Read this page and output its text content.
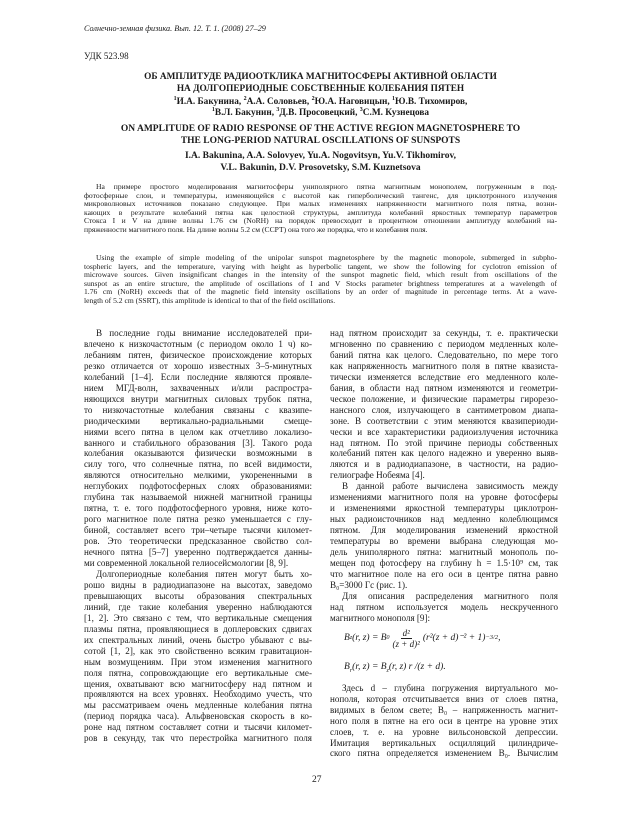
Солнечно-земная физика. Вып. 12. Т. 1. (2008) 27–29
УДК 523.98
ОБ АМПЛИТУДЕ РАДИООТКЛИКА МАГНИТОСФЕРЫ АКТИВНОЙ ОБЛАСТИ
НА ДОЛГОПЕРИОДНЫЕ СОБСТВЕННЫЕ КОЛЕБАНИЯ ПЯТЕН
$^1$И.А. Бакунина, $^2$А.А. Соловьев, $^2$Ю.А. Наговицын, $^1$Ю.В. Тихомиров,
$^1$В.Л. Бакунин, $^3$Д.В. Просовецкий, $^3$С.М. Кузнецова
ON AMPLITUDE OF RADIO RESPONSE OF THE ACTIVE REGION MAGNETOSPHERE TO
THE LONG-PERIOD NATURAL OSCILLATIONS OF SUNSPOTS
I.A. Bakunina, A.A. Solovyev, Yu.A. Nogovitsyn, Yu.V. Tikhomirov,
V.L. Bakunin, D.V. Prosovetsky, S.M. Kuznetsova
На примере простого моделирования магнитосферы униполярного пятна магнитным монополем, погруженным в под-
фотосферные слои, и температуры, изменяющейся с высотой как гиперболический тангенс, для циклотронного излучения
микроволновых источников показано следующее. При малых изменениях напряженности магнитного поля пятна, возни-
кающих в результате колебаний пятна как целостной структуры, амплитуда колебаний яркостных температур параметров
Стокса I и V на длине волны 1.76 см (NoRH) на порядок превосходит в процентном отношении амплитуду колебаний на-
пряженности магнитного поля. На длине волны 5.2 см (ССРТ) она того же порядка, что и колебания поля.
Using the example of simple modeling of the unipolar sunspot magnetosphere by the magnetic monopole, submerged in subpho-
tospheric layers, and the temperature, varying with height as hyperbolic tangent, we show the following for cyclotron emission of
microwave sources. Given insignificant changes in the intensity of the sunspot magnetic field, which result from oscillations of the
sunspot as an entire structure, the amplitude of oscillations of I and V Stocks parameter brightness temperatures at a wavelength of
1.76 cm (NoRH) exceeds that of the magnetic field intensity oscillations by an order of magnitude in percentage terms. At a wave-
length of 5.2 cm (SSRT), this amplitude is identical to that of the field oscillations.
В последние годы внимание исследователей при-
влечено к низкочастотным (с периодом около 1 ч) ко-
лебаниям пятен, физическое происхождение которых
резко отличается от хорошо известных 3–5-минутных
колебаний [1–4]. Если последние являются проявле-
нием МГД-волн, захваченных и/или распростра-
няющихся внутри магнитных силовых трубок пятна,
то низкочастотные колебания связаны с квазипе-
риодическими вертикально-радиальными смеще-
ниями всего пятна в целом как отчетливо локализо-
ванного и стабильного образования [3]. Такого рода
колебания оказываются физически возможными в
силу того, что солнечные пятна, по всей видимости,
являются относительно мелкими, укорененными в
неглубоких подфотосферных слоях образованиями:
глубина так называемой нижней магнитной границы
пятна, т. е. того подфотосферного уровня, ниже кото-
рого магнитное поле пятна резко уменьшается с глу-
биной, составляет всего три–четыре тысячи километ-
ров. Это теоретически предсказанное свойство сол-
нечного пятна [5–7] уверенно подтверждается данны-
ми современной локальной гелиосейсмологии [8, 9].
Долгопериодные колебания пятен могут быть хо-
рошо видны в радиодиапазоне на высотах, заведомо
превышающих высоты образования спектральных
линий, где такие колебания уверенно наблюдаются
[1, 2]. Это связано с тем, что вертикальные смещения
плазмы пятна, проявляющиеся в доплеровских сдвигах
их спектральных линий, очень быстро убывают с вы-
сотой [1, 2], как это свойственно всяким гравитацион-
ным возмущениям. При этом изменения магнитного
поля пятна, сопровождающие его вертикальные сме-
щения, охватывают всю магнитосферу над пятном и
проявляются на всех уровнях. Необходимо учесть, что
мы рассматриваем очень медленные колебания пятна
(период порядка часа). Альфвеновская скорость в ко-
роне над пятном составляет сотни и тысячи километ-
ров в секунду, так что перестройка магнитного поля
над пятном происходит за секунды, т. е. практически
мгновенно по сравнению с периодом медленных коле-
баний пятна как целого. Следовательно, по мере того
как напряженность магнитного поля в пятне квазиста-
тически изменяется вследствие его медленного коле-
бания, в области над пятном изменяются и геометри-
ческое положение, и физические параметры гирорезо-
нансного слоя, излучающего в сантиметровом диапа-
зоне. В соответствии с этим меняются квазипериоди-
чески и все характеристики радиоизлучения источника
над пятном. По этой причине периоды собственных
колебаний пятен как целого надежно и уверенно выяв-
ляются и в радиодиапазоне, в частности, на радио-
гелиографе Нобеяма [4].
В данной работе вычислена зависимость между
изменениями магнитного поля на уровне фотосферы
и изменениями яркостной температуры циклотрон-
ных радиоисточников над медленно колеблющимся
пятном. Для моделирования изменений яркостной
температуры во времени выбрана следующая мо-
дель униполярного пятна: магнитный монополь по-
мещен под фотосферу на глубину h = 1.5·10⁹ см, так
что магнитное поле на его оси в центре пятна равно
B₀=3000 Гс (рис. 1).
Для описания распределения магнитного поля
над пятном используется модель нескрученного
магнитного монополя [9]:
B z (r, z) = B $0 \frac{\text{d²}}{\text{(z + d)²}} (r^2(z + d)^{-2} + 1) -3/2$ ,
$B_r(r$, $z) = B_z(r$, z) r /(z + d).
Здесь d – глубина погружения виртуального мо-
нополя, которая отсчитывается вниз от слоев пятна,
видимых в белом свете; B₀ – напряженность магнит-
ного поля в пятне на его оси в центре на уровне этих
слоев, т. е. на уровне вильсоновской депрессии.
Имитация вертикальных осцилляций цилиндриче-
ского пятна определяется изменением B₀. Вычислим
27
